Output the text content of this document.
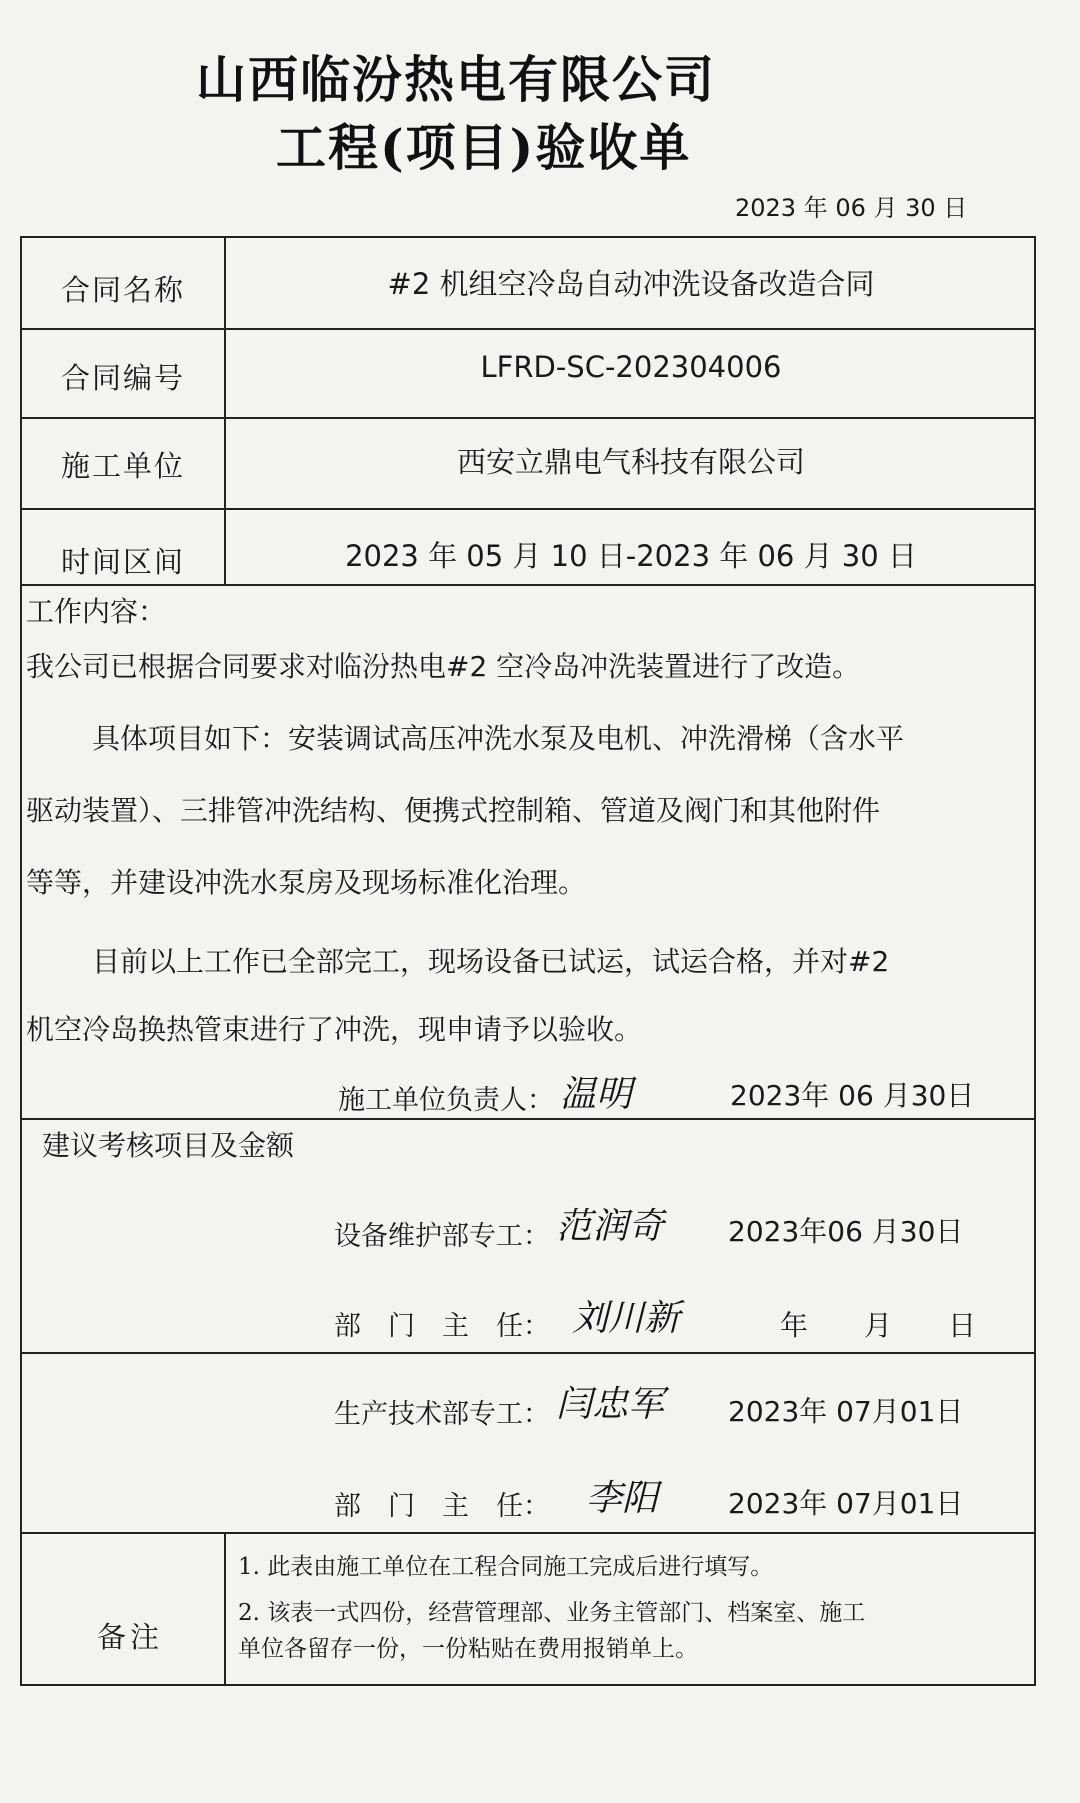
山西临汾热电有限公司
工程(项目)验收单
2023 年 06 月 30 日
合同名称	#2 机组空冷岛自动冲洗设备改造合同
合同编号	LFRD-SC-202304006
施工单位	西安立鼎电气科技有限公司
时间区间	2023 年 05 月 10 日-2023 年 06 月 30 日
工作内容：
我公司已根据合同要求对临汾热电#2 空冷岛冲洗装置进行了改造。
具体项目如下：安装调试高压冲洗水泵及电机、冲洗滑梯（含水平
驱动装置）、三排管冲洗结构、便携式控制箱、管道及阀门和其他附件
等等，并建设冲洗水泵房及现场标准化治理。
目前以上工作已全部完工，现场设备已试运，试运合格，并对#2
机空冷岛换热管束进行了冲洗，现申请予以验收。
施工单位负责人： 温明	2023年 06 月30日
建议考核项目及金额
设备维护部专工： 范润奇 2023年06 月30日
部　门　主　任： 刘川新	年　　月　　日
生产技术部专工： 闫忠军 2023年 07月01日
部　门　主　任： 李阳 2023年 07月01日
备注
1. 此表由施工单位在工程合同施工完成后进行填写。
2. 该表一式四份，经营管理部、业务主管部门、档案室、施工
单位各留存一份，一份粘贴在费用报销单上。
